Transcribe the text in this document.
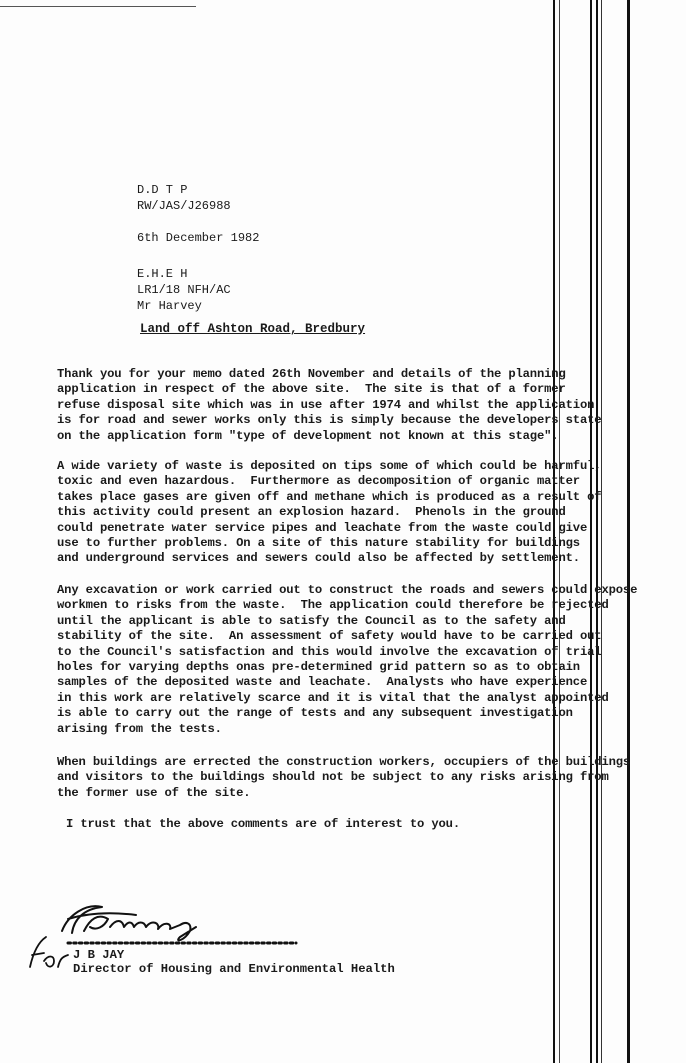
D.D T P
RW/JAS/J26988

6th December 1982

E.H.E H
LR1/18 NFH/AC
Mr Harvey
Land off Ashton Road, Bredbury
Thank you for your memo dated 26th November and details of the planning
application in respect of the above site.  The site is that of a former
refuse disposal site which was in use after 1974 and whilst the application
is for road and sewer works only this is simply because the developers state
on the application form "type of development not known at this stage".
A wide variety of waste is deposited on tips some of which could be harmful,
toxic and even hazardous.  Furthermore as decomposition of organic matter
takes place gases are given off and methane which is produced as a result of
this activity could present an explosion hazard.  Phenols in the ground
could penetrate water service pipes and leachate from the waste could give
use to further problems. On a site of this nature stability for buildings
and underground services and sewers could also be affected by settlement.
Any excavation or work carried out to construct the roads and sewers could expose
workmen to risks from the waste.  The application could therefore be rejected
until the applicant is able to satisfy the Council as to the safety and
stability of the site.  An assessment of safety would have to be carried out
to the Council's satisfaction and this would involve the excavation of trial
holes for varying depths onas pre-determined grid pattern so as to obtain
samples of the deposited waste and leachate.  Analysts who have experience
in this work are relatively scarce and it is vital that the analyst appointed
is able to carry out the range of tests and any subsequent investigation
arising from the tests.
When buildings are errected the construction workers, occupiers of the buildings
and visitors to the buildings should not be subject to any risks arising from
the former use of the site.
I trust that the above comments are of interest to you.
J B JAY
Director of Housing and Environmental Health
